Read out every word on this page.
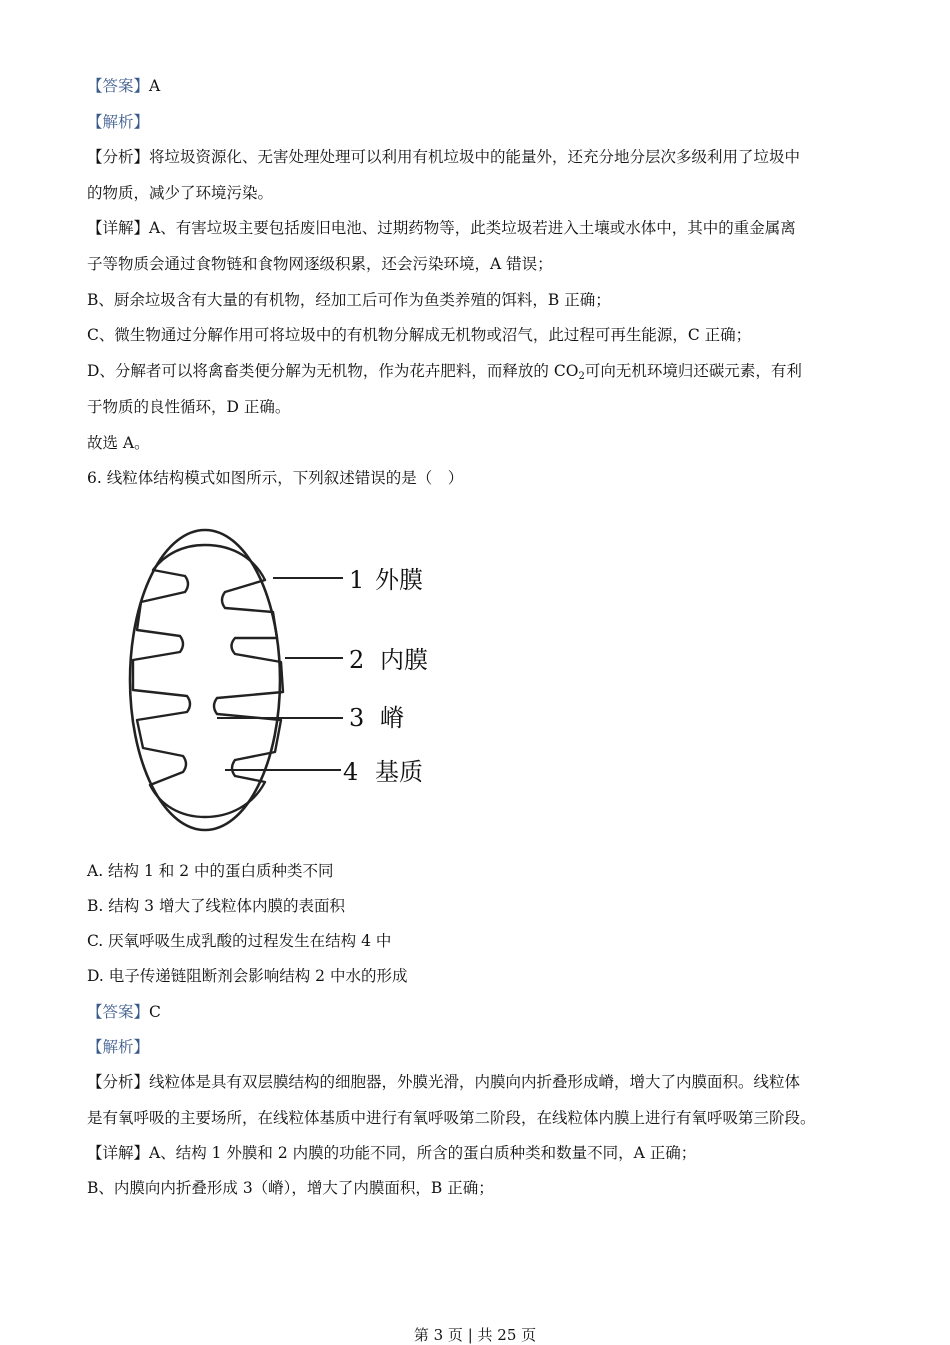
【答案】A
【解析】
【分析】将垃圾资源化、无害处理处理可以利用有机垃圾中的能量外，还充分地分层次多级利用了垃圾中
的物质，减少了环境污染。
【详解】A、有害垃圾主要包括废旧电池、过期药物等，此类垃圾若进入土壤或水体中，其中的重金属离
子等物质会通过食物链和食物网逐级积累，还会污染环境，A 错误；
B、厨余垃圾含有大量的有机物，经加工后可作为鱼类养殖的饵料，B 正确；
C、微生物通过分解作用可将垃圾中的有机物分解成无机物或沼气，此过程可再生能源，C 正确；
D、分解者可以将禽畜类便分解为无机物，作为花卉肥料，而释放的 $CO_2$可向无机环境归还碳元素，有利
于物质的良性循环，D 正确。
故选 A。
6. 线粒体结构模式如图所示，下列叙述错误的是（　）
1 外膜
2 内膜
3 嵴
4 基质
A. 结构 1 和 2 中的蛋白质种类不同
B. 结构 3 增大了线粒体内膜的表面积
C. 厌氧呼吸生成乳酸的过程发生在结构 4 中
D. 电子传递链阻断剂会影响结构 2 中水的形成
【答案】C
【解析】
【分析】线粒体是具有双层膜结构的细胞器，外膜光滑，内膜向内折叠形成嵴，增大了内膜面积。线粒体
是有氧呼吸的主要场所，在线粒体基质中进行有氧呼吸第二阶段，在线粒体内膜上进行有氧呼吸第三阶段。
【详解】A、结构 1 外膜和 2 内膜的功能不同，所含的蛋白质种类和数量不同，A 正确；
B、内膜向内折叠形成 3（嵴），增大了内膜面积，B 正确；
第 3 页 | 共 25 页
